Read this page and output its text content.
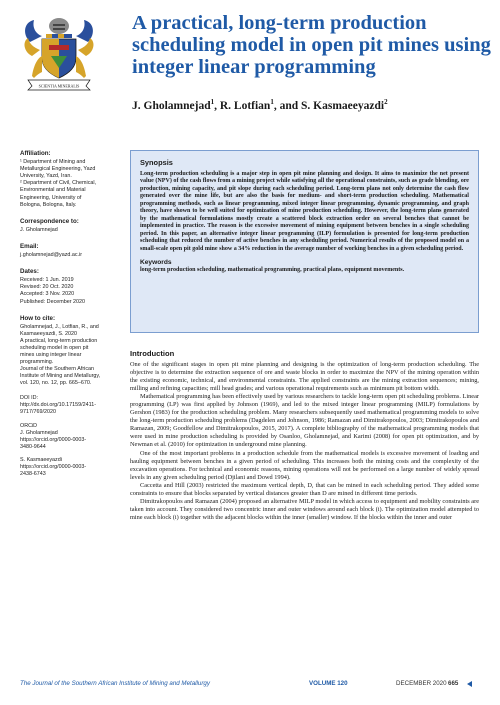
SCIENTIA MINERALIS
A practical, long-term production scheduling model in open pit mines using integer linear programming
J. Gholamnejad$^1$, R. Lotfian$^1$, and S. Kasmaeeyazdi$^2$
Affiliation:
¹ Department of Mining and
Metallurgical Engineering, Yazd
University, Yazd, Iran.
² Department of Civil, Chemical,
Environmental and Material
Engineering, University of
Bologna, Bologna, Italy.
Correspondence to:
J. Gholamnejad
Email:
j.gholamnejad@yazd.ac.ir
Dates:
Received: 1 Jun. 2019
Revised: 20 Oct. 2020
Accepted: 3 Nov. 2020
Published: December 2020
How to cite:
Gholamnejad, J., Lotfian, R., and
Kasmaeeyazdi, S. 2020
A practical, long-term production
scheduling model in open pit
mines using integer linear
programming.
Journal of the Southern African
Institute of Mining and Metallurgy,
vol. 120, no. 12, pp. 665–670.
DOI ID:
http://dx.doi.org/10.17159/2411-
9717/769/2020
ORCiD
J. Gholamnejad
https://orcid.org/0000-0003-
3480-9644
S. Kasmaeeyazdi
https://orcid.org/0000-0003-
2438-6743
Synopsis
Long-term production scheduling is a major step in open pit mine planning and design. It aims to maximize the net present value (NPV) of the cash flows from a mining project while satisfying all the operational constraints, such as grade blending, ore production, mining capacity, and pit slope during each scheduling period. Long-term plans not only determine the cash flow generated over the mine life, but are also the basis for medium- and short-term production scheduling. Mathematical programming methods, such as linear programming, mixed integer linear programming, dynamic programming, and graph theory, have shown to be well suited for optimization of mine production scheduling. However, the long-term plans generated by the mathematical formulations mostly create a scattered block extraction order on several benches that cannot be implemented in practice. The reason is the excessive movement of mining equipment between benches in a single scheduling period. In this paper, an alternative integer linear programming (ILP) formulation is presented for long-term production scheduling that reduced the number of active benches in any scheduling period. Numerical results of the proposed model on a small-scale open pit gold mine show a 34% reduction in the average number of working benches in a given scheduling period.
Keywords
long-term production scheduling, mathematical programming, practical plans, equipment movements.
Introduction

One of the significant stages in open pit mine planning and designing is the optimization of long-term production scheduling. The objective is to determine the extraction sequence of ore and waste blocks in order to maximize the NPV of the mining operation within the existing economic, technical, and environmental constraints. The applied constraints are the mining extraction sequences; mining, milling and refining capacities; mill head grades; and various operational requirements such as minimum pit bottom width.

Mathematical programming has been effectively used by various researchers to tackle long-term open pit scheduling problems. Linear programming (LP) was first applied by Johnson (1969), and led to the mixed integer linear programming (MILP) formulations by Gershon (1983) for the production scheduling problem. Many researchers subsequently used mathematical programming models to solve the long-term production scheduling problems (Dagdelen and Johnson, 1986; Ramazan and Dimitrakopoulos, 2003; Dimitrakopoulos and Ramazan, 2009; Goodfellow and Dimitrakopoulos, 2015, 2017). A complete bibliography of the mathematical programming models that were used in mine production scheduling is provided by Osanloo, Gholamnejad, and Karimi (2008) for open pit optimization, and by Newman et al. (2010) for optimization in underground mine planning.

One of the most important problems in a production schedule from the mathematical models is excessive movement of loading and hauling equipment between benches in a given period of scheduling. This increases both the mining costs and the complexity of the excavation operations. For technical and economic reasons, mining operations will not be performed on a large number of widely spread levels in any given scheduling period (Djilani and Dowd 1994).

Caccetta and Hill (2003) restricted the maximum vertical depth, D, that can be mined in each scheduling period. They added some constraints to ensure that blocks separated by vertical distances greater than D are mined in different time periods.

Dimitrakopoulos and Ramazan (2004) proposed an alternative MILP model in which access to equipment and mobility constraints are taken into account. They considered two concentric inner and outer windows around each block (i). The optimization model attempted to mine each block (i) together with the adjacent blocks within the inner (smaller) window. If the blocks within the inner and outer

The Journal of the Southern African Institute of Mining and Metallurgy	VOLUME 120	DECEMBER 2020 665
